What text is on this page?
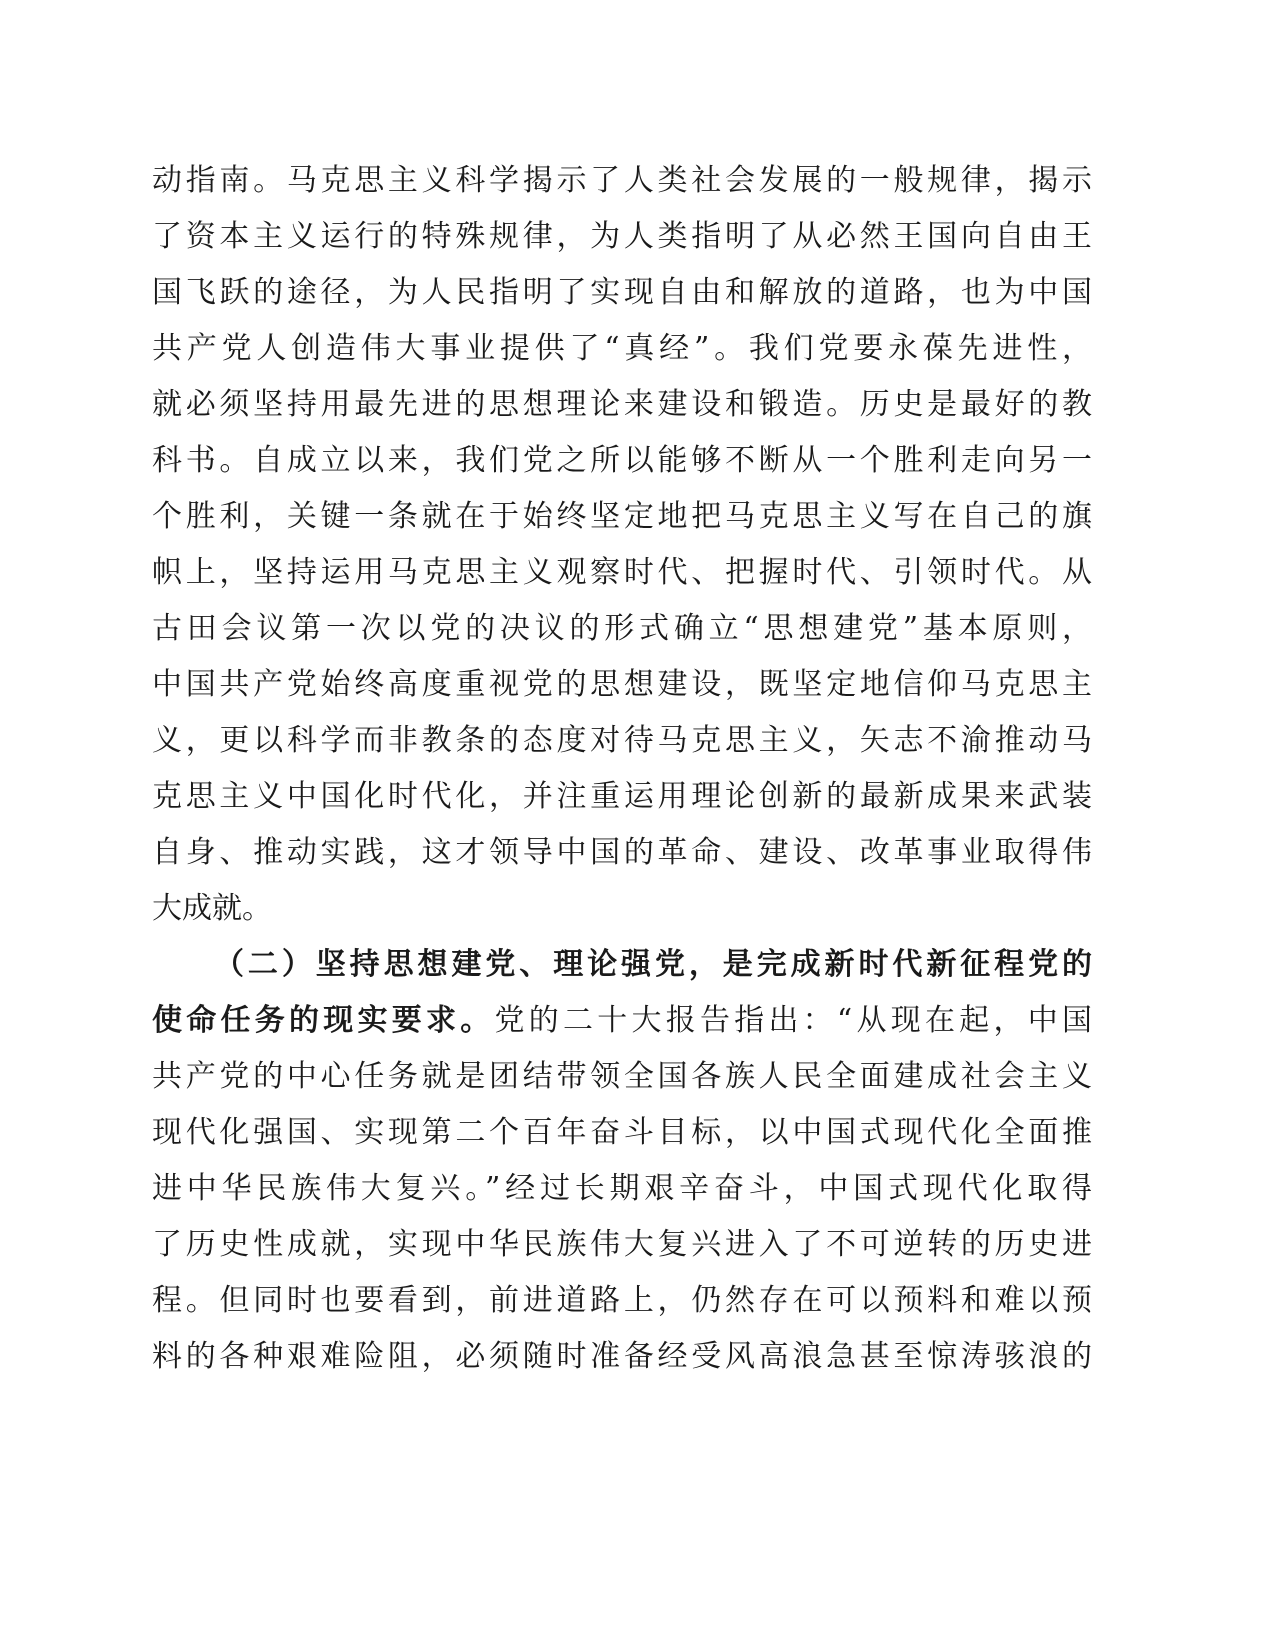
动指南。马克思主义科学揭示了人类社会发展的一般规律，揭示
了资本主义运行的特殊规律，为人类指明了从必然王国向自由王
国飞跃的途径，为人民指明了实现自由和解放的道路，也为中国
共产党人创造伟大事业提供了“真经”。我们党要永葆先进性，
就必须坚持用最先进的思想理论来建设和锻造。历史是最好的教
科书。自成立以来，我们党之所以能够不断从一个胜利走向另一
个胜利，关键一条就在于始终坚定地把马克思主义写在自己的旗
帜上，坚持运用马克思主义观察时代、把握时代、引领时代。从
古田会议第一次以党的决议的形式确立“思想建党”基本原则，
中国共产党始终高度重视党的思想建设，既坚定地信仰马克思主
义，更以科学而非教条的态度对待马克思主义，矢志不渝推动马
克思主义中国化时代化，并注重运用理论创新的最新成果来武装
自身、推动实践，这才领导中国的革命、建设、改革事业取得伟
大成就。
（二）坚持思想建党、理论强党，是完成新时代新征程党的
使命任务的现实要求。党的二十大报告指出：“从现在起，中国
共产党的中心任务就是团结带领全国各族人民全面建成社会主义
现代化强国、实现第二个百年奋斗目标，以中国式现代化全面推
进中华民族伟大复兴。”经过长期艰辛奋斗，中国式现代化取得
了历史性成就，实现中华民族伟大复兴进入了不可逆转的历史进
程。但同时也要看到，前进道路上，仍然存在可以预料和难以预
料的各种艰难险阻，必须随时准备经受风高浪急甚至惊涛骇浪的
